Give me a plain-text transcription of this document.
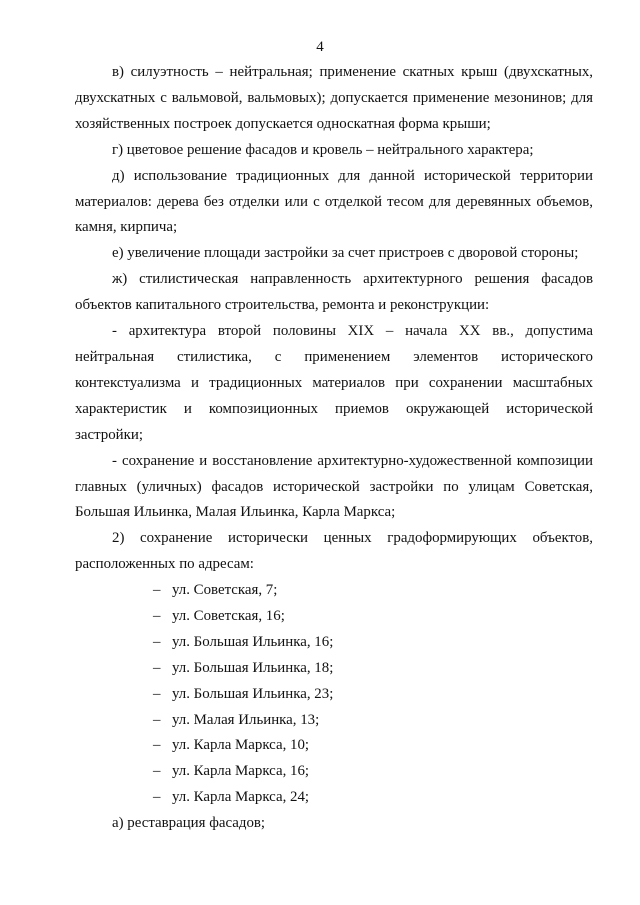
4

в) силуэтность – нейтральная; применение скатных крыш (двухскатных, двухскатных с вальмовой, вальмовых); допускается применение мезонинов; для хозяйственных построек допускается односкатная форма крыши;

г) цветовое решение фасадов и кровель – нейтрального характера;

д) использование традиционных для данной исторической территории материалов: дерева без отделки или с отделкой тесом для деревянных объемов, камня, кирпича;

е) увеличение площади застройки за счет пристроев с дворовой стороны;

ж) стилистическая направленность архитектурного решения фасадов объектов капитального строительства, ремонта и реконструкции:

- архитектура второй половины XIX – начала XX вв., допустима нейтральная стилистика, с применением элементов исторического контекстуализма и традиционных материалов при сохранении масштабных характеристик и композиционных приемов окружающей исторической застройки;

- сохранение и восстановление архитектурно-художественной композиции главных (уличных) фасадов исторической застройки по улицам Советская, Большая Ильинка, Малая Ильинка, Карла Маркса;

2) сохранение исторически ценных градоформирующих объектов, расположенных по адресам:

– ул. Советская, 7;
– ул. Советская, 16;
– ул. Большая Ильинка, 16;
– ул. Большая Ильинка, 18;
– ул. Большая Ильинка, 23;
– ул. Малая Ильинка, 13;
– ул. Карла Маркса, 10;
– ул. Карла Маркса, 16;
– ул. Карла Маркса, 24;

а) реставрация фасадов;
